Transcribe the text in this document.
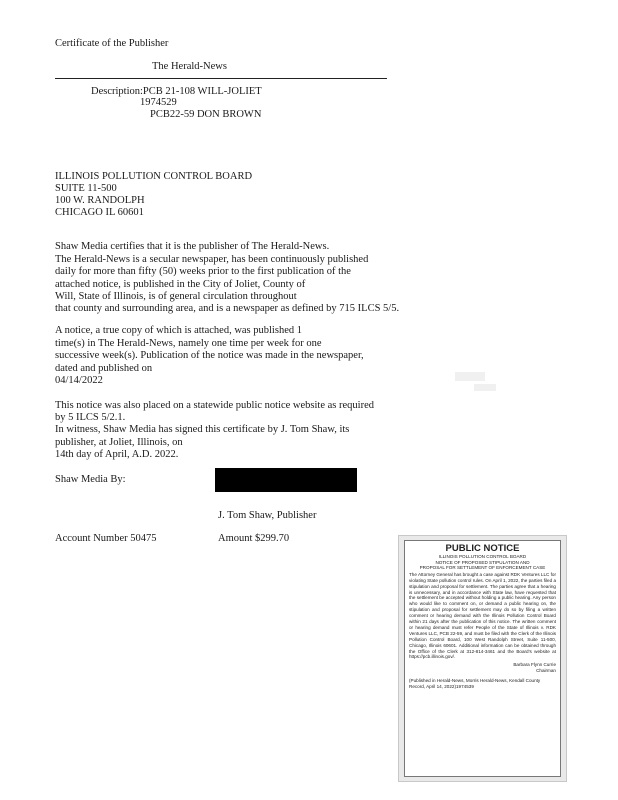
Certificate of the Publisher
The Herald-News
Description:PCB 21-108 WILL-JOLIET
1974529
PCB22-59 DON BROWN
ILLINOIS POLLUTION CONTROL BOARD
SUITE 11-500
100 W. RANDOLPH
CHICAGO IL 60601
Shaw Media certifies that it is the publisher of The Herald-News.
The Herald-News is a secular newspaper, has been continuously published
daily for more than fifty (50) weeks prior to the first publication of the
attached notice, is published in the City of Joliet, County of
Will, State of Illinois, is of general circulation throughout
that county and surrounding area, and is a newspaper as defined by 715 ILCS 5/5.
A notice, a true copy of which is attached, was published 1
time(s) in The Herald-News, namely one time per week for one
successive week(s). Publication of the notice was made in the newspaper,
dated and published on
04/14/2022
This notice was also placed on a statewide public notice website as required
by 5 ILCS 5/2.1.
In witness, Shaw Media has signed this certificate by J. Tom Shaw, its
publisher, at Joliet, Illinois, on
14th day of April, A.D. 2022.
Shaw Media By:
J. Tom Shaw, Publisher
Account Number 50475	Amount $299.70
PUBLIC NOTICE
ILLINOIS POLLUTION CONTROL BOARD
NOTICE OF PROPOSED STIPULATION AND
PROPOSAL FOR SETTLEMENT OF ENFORCEMENT CASE
The Attorney General has brought a case against RDK Ventures LLC for violating State pollution control rules. On April 1, 2022, the parties filed a stipulation and proposal for settlement. The parties agree that a hearing is unnecessary, and in accordance with State law, have requested that the settlement be accepted without holding a public hearing. Any person who would like to comment on, or demand a public hearing on, the stipulation and proposal for settlement may do so by filing a written comment or hearing demand with the Illinois Pollution Control Board within 21 days after the publication of this notice. The written comment or hearing demand must refer People of the State of Illinois v. RDK Ventures LLC, PCB 22-59, and must be filed with the Clerk of the Illinois Pollution Control Board, 100 West Randolph Street, Suite 11-500, Chicago, Illinois 60601. Additional information can be obtained through the Office of the Clerk at 312-814-3461 and the Board's website at https://pcb.illinois.gov/.
Barbara Flynn Currie
Chairman
(Published in Herald-News, Morris Herald-News, Kendall County Record, April 14, 2022)1974539
